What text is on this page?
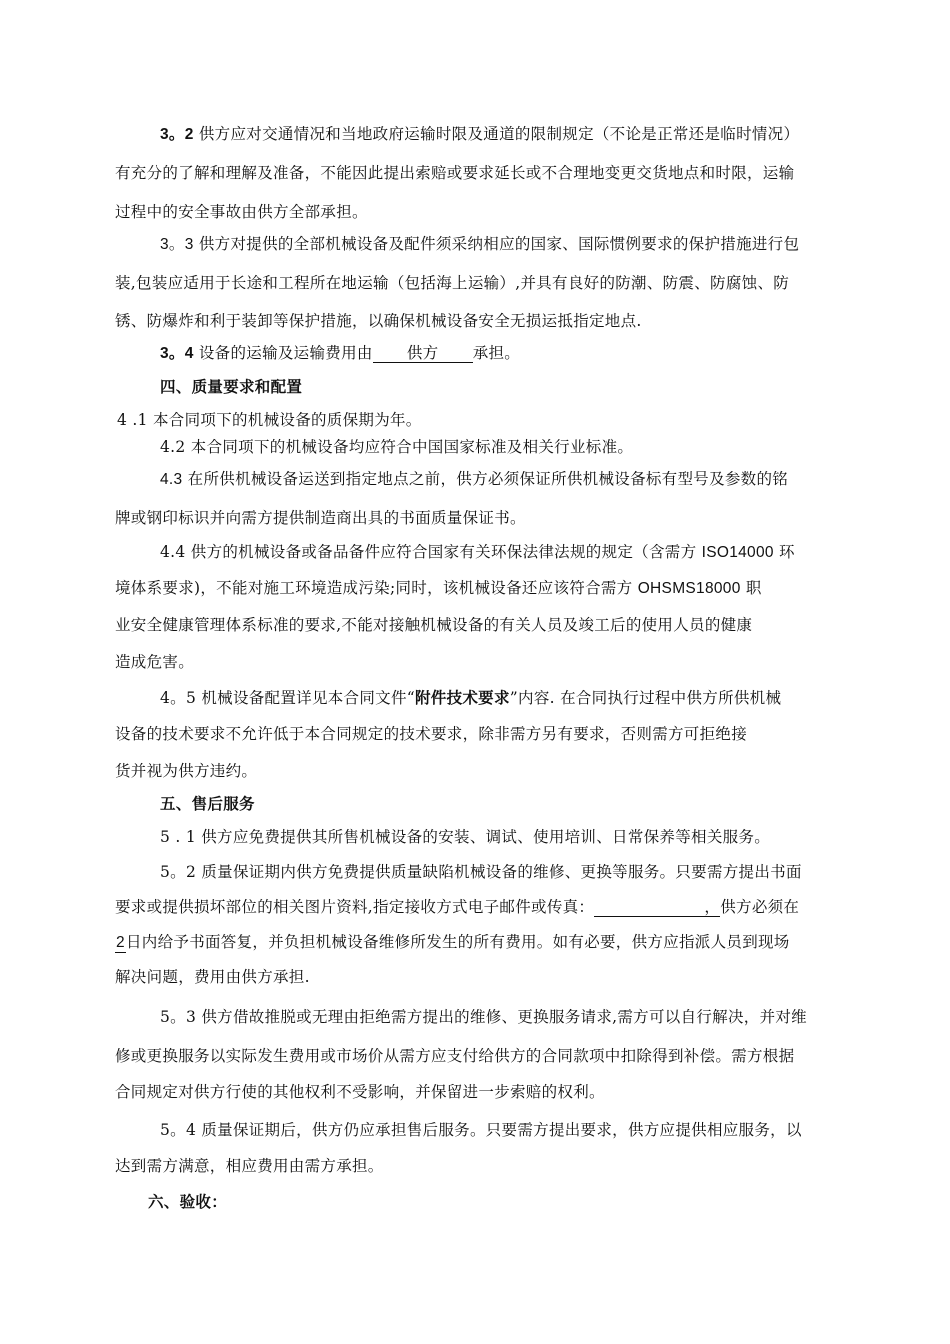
3。2 供方应对交通情况和当地政府运输时限及通道的限制规定（不论是正常还是临时情况）
有充分的了解和理解及准备，不能因此提出索赔或要求延长或不合理地变更交货地点和时限，运输
过程中的安全事故由供方全部承担。
3。3 供方对提供的全部机械设备及配件须采纳相应的国家、国际惯例要求的保护措施进行包
装,包装应适用于长途和工程所在地运输（包括海上运输）,并具有良好的防潮、防震、防腐蚀、防
锈、防爆炸和利于装卸等保护措施，以确保机械设备安全无损运抵指定地点.
3。4 设备的运输及运输费用由 供方 承担。
四、质量要求和配置
4 .1 本合同项下的机械设备的质保期为年。
4.2 本合同项下的机械设备均应符合中国国家标准及相关行业标准。
4.3 在所供机械设备运送到指定地点之前，供方必须保证所供机械设备标有型号及参数的铭
牌或钢印标识并向需方提供制造商出具的书面质量保证书。
4.4 供方的机械设备或备品备件应符合国家有关环保法律法规的规定（含需方 ISO14000 环
境体系要求)，不能对施工环境造成污染;同时，该机械设备还应该符合需方 OHSMS18000 职
业安全健康管理体系标准的要求,不能对接触机械设备的有关人员及竣工后的使用人员的健康
造成危害。
4。5 机械设备配置详见本合同文件“附件技术要求”内容. 在合同执行过程中供方所供机械
设备的技术要求不允许低于本合同规定的技术要求，除非需方另有要求，否则需方可拒绝接
货并视为供方违约。
五、售后服务
5 . 1 供方应免费提供其所售机械设备的安装、调试、使用培训、日常保养等相关服务。
5。2 质量保证期内供方免费提供质量缺陷机械设备的维修、更换等服务。只要需方提出书面
要求或提供损坏部位的相关图片资料,指定接收方式电子邮件或传真：	，供方必须在
2日内给予书面答复，并负担机械设备维修所发生的所有费用。如有必要，供方应指派人员到现场
解决问题，费用由供方承担.
5。3 供方借故推脱或无理由拒绝需方提出的维修、更换服务请求,需方可以自行解决，并对维
修或更换服务以实际发生费用或市场价从需方应支付给供方的合同款项中扣除得到补偿。需方根据
合同规定对供方行使的其他权利不受影响，并保留进一步索赔的权利。
5。4 质量保证期后，供方仍应承担售后服务。只要需方提出要求，供方应提供相应服务，以
达到需方满意，相应费用由需方承担。
六、验收：
